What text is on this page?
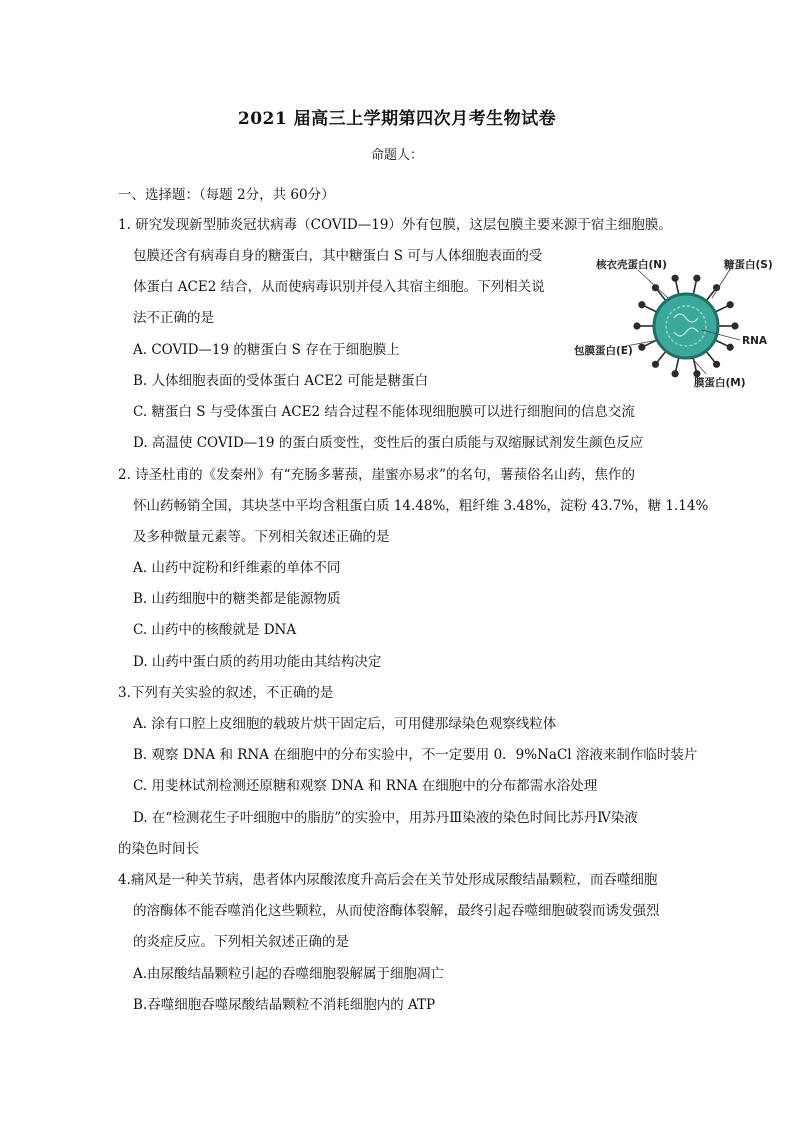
2021 届高三上学期第四次月考生物试卷
命题人：
一、选择题：（每题 2分，共 60分）
1. 研究发现新型肺炎冠状病毒（COVID—19）外有包膜，这层包膜主要来源于宿主细胞膜。
包膜还含有病毒自身的糖蛋白，其中糖蛋白 S 可与人体细胞表面的受
体蛋白 ACE2 结合，从而使病毒识别并侵入其宿主细胞。下列相关说
法不正确的是
A. COVID—19 的糖蛋白 S 存在于细胞膜上
B. 人体细胞表面的受体蛋白 ACE2 可能是糖蛋白
C. 糖蛋白 S 与受体蛋白 ACE2 结合过程不能体现细胞膜可以进行细胞间的信息交流
D. 高温使 COVID—19 的蛋白质变性，变性后的蛋白质能与双缩脲试剂发生颜色反应
2. 诗圣杜甫的《发秦州》有“充肠多薯蓣，崖蜜亦易求”的名句，薯蓣俗名山药，焦作的
怀山药畅销全国，其块茎中平均含粗蛋白质 14.48%，粗纤维 3.48%，淀粉 43.7%，糖 1.14%
及多种微量元素等。下列相关叙述正确的是
A. 山药中淀粉和纤维素的单体不同
B. 山药细胞中的糖类都是能源物质
C. 山药中的核酸就是 DNA
D. 山药中蛋白质的药用功能由其结构决定
3.下列有关实验的叙述，不正确的是
A. 涂有口腔上皮细胞的载玻片烘干固定后，可用健那绿染色观察线粒体
B. 观察 DNA 和 RNA 在细胞中的分布实验中，不一定要用 0．9%NaCl 溶液来制作临时装片
C. 用斐林试剂检测还原糖和观察 DNA 和 RNA 在细胞中的分布都需水浴处理
D. 在“检测花生子叶细胞中的脂肪”的实验中，用苏丹Ⅲ染液的染色时间比苏丹Ⅳ染液
的染色时间长
4.痛风是一种关节病，患者体内尿酸浓度升高后会在关节处形成尿酸结晶颗粒，而吞噬细胞
的溶酶体不能吞噬消化这些颗粒，从而使溶酶体裂解，最终引起吞噬细胞破裂而诱发强烈
的炎症反应。下列相关叙述正确的是
A.由尿酸结晶颗粒引起的吞噬细胞裂解属于细胞凋亡
B.吞噬细胞吞噬尿酸结晶颗粒不消耗细胞内的 ATP
核衣壳蛋白(N)	糖蛋白(S)
RNA
包膜蛋白(E)
膜蛋白(M)
